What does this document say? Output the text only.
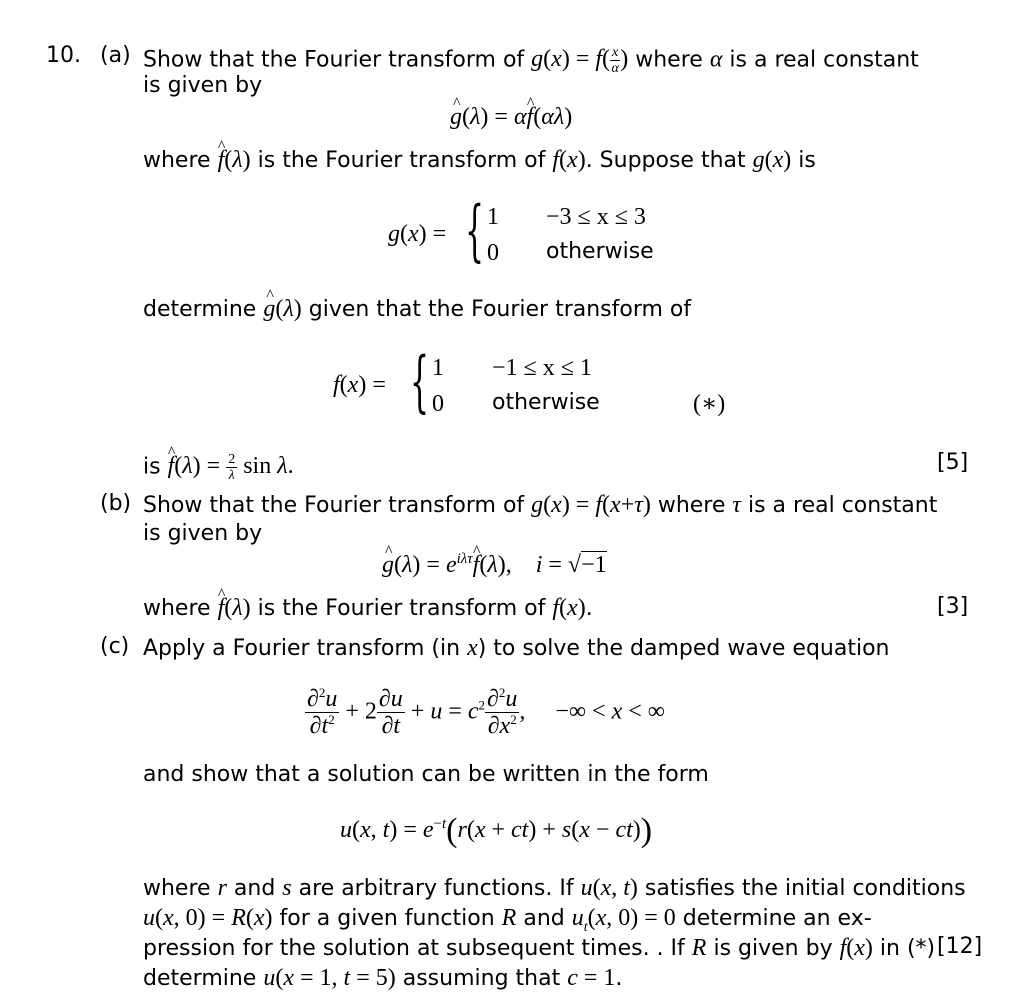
10. (a) Show that the Fourier transform of $g(x) = f( \frac{x}{\alpha}$ ) where α is a real constant
is given by
^ g(λ) = α^ f(αλ)
where ^ f(λ) is the Fourier transform of f(x). Suppose that g(x) is
g(x) = { 1 −3 ≤ x ≤ 3
0 otherwise
determine ^ g(λ) given that the Fourier transform of
f(x) = { 1 −1 ≤ x ≤ 1
0 otherwise	(∗)
is ^ $f(\lambda) = \frac{2}{\lambda}$ sin λ.	[5]
(b) Show that the Fourier transform of g(x) = f(x+τ) where τ is a real constant
is given by
^ $g(\lambda) = e^{i\lambda\tau}\^{}$ f(λ),    i = √−1
where ^ f(λ) is the Fourier transform of f(x).	[3]
(c) Apply a Fourier transform (in x) to solve the damped wave equation
$\frac{\partial^2u}{\partial t^2} + 2 \frac{\partial u}{\partial t} + u = c^2 \frac{\partial^2u}{\partial x^2}$ ,     −∞ < x < ∞
and show that a solution can be written in the form
u(x, $t) = e^{-t}(r(x + ct) + s(x - ct))$
where r and s are arbitrary functions. If u(x, t) satisfies the initial conditions
u(x, 0) = R(x) for a given function R and $u_t(x$, 0) = 0 determine an ex-
pression for the solution at subsequent times. . If R is given by f(x) in (*) [12]
determine u(x = 1, t = 5) assuming that c = 1.
